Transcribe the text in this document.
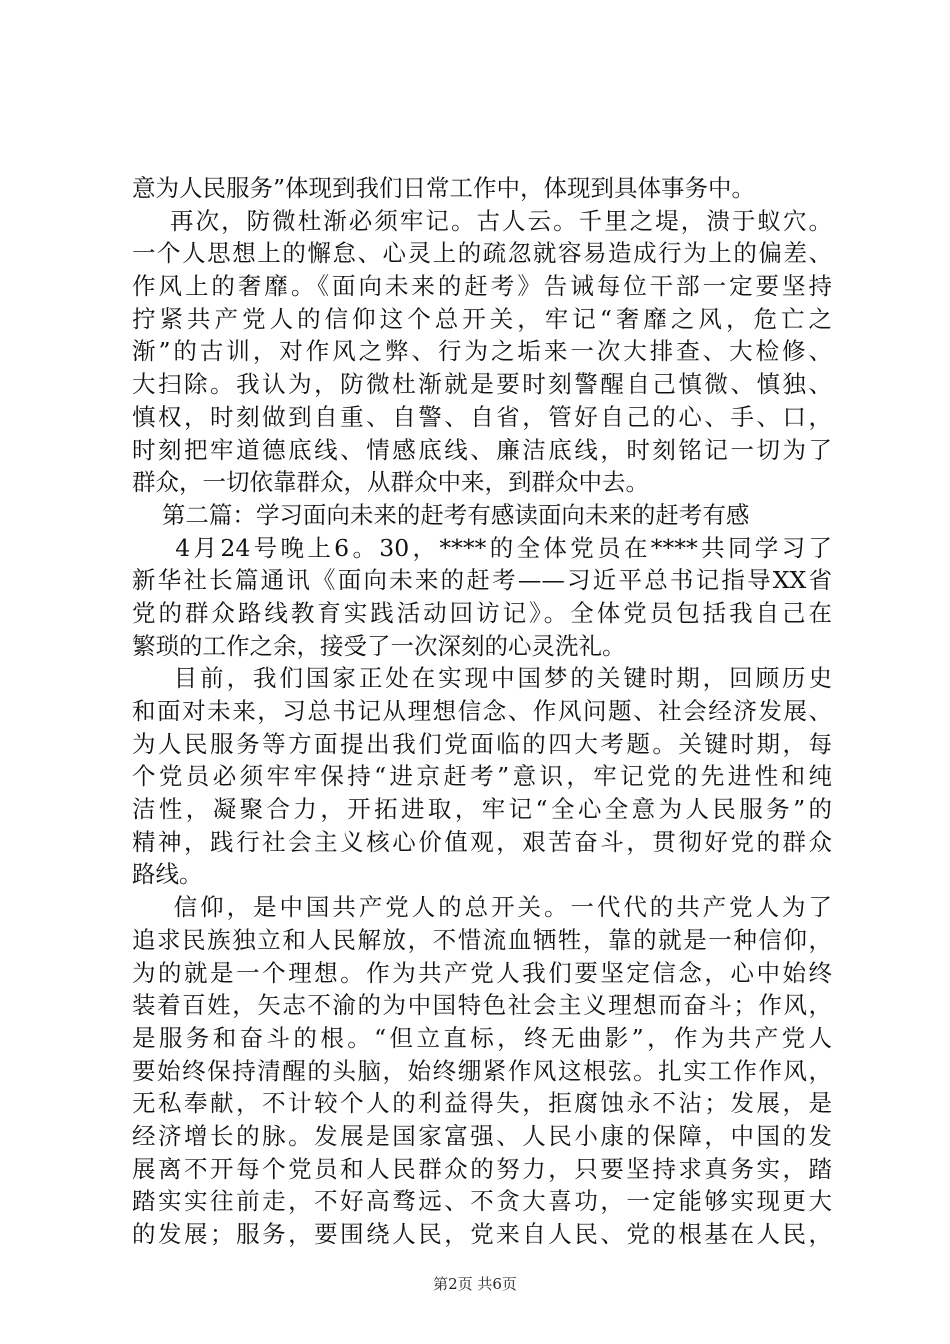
意为人民服务”体现到我们日常工作中，体现到具体事务中。
再次，防微杜渐必须牢记。古人云。千里之堤，溃于蚁穴。
一个人思想上的懈怠、心灵上的疏忽就容易造成行为上的偏差、
作风上的奢靡。《面向未来的赶考》告诫每位干部一定要坚持
拧紧共产党人的信仰这个总开关，牢记“奢靡之风，危亡之
渐”的古训，对作风之弊、行为之垢来一次大排查、大检修、
大扫除。我认为，防微杜渐就是要时刻警醒自己慎微、慎独、
慎权，时刻做到自重、自警、自省，管好自己的心、手、口，
时刻把牢道德底线、情感底线、廉洁底线，时刻铭记一切为了
群众，一切依靠群众，从群众中来，到群众中去。
第二篇：学习面向未来的赶考有感读面向未来的赶考有感
4月24号晚上6。30，****的全体党员在****共同学习了
新华社长篇通讯《面向未来的赶考——习近平总书记指导XX省
党的群众路线教育实践活动回访记》。全体党员包括我自己在
繁琐的工作之余，接受了一次深刻的心灵洗礼。
目前，我们国家正处在实现中国梦的关键时期，回顾历史
和面对未来，习总书记从理想信念、作风问题、社会经济发展、
为人民服务等方面提出我们党面临的四大考题。关键时期，每
个党员必须牢牢保持“进京赶考”意识，牢记党的先进性和纯
洁性，凝聚合力，开拓进取，牢记“全心全意为人民服务”的
精神，践行社会主义核心价值观，艰苦奋斗，贯彻好党的群众
路线。
信仰，是中国共产党人的总开关。一代代的共产党人为了
追求民族独立和人民解放，不惜流血牺牲，靠的就是一种信仰，
为的就是一个理想。作为共产党人我们要坚定信念，心中始终
装着百姓，矢志不渝的为中国特色社会主义理想而奋斗；作风，
是服务和奋斗的根。“但立直标，终无曲影”，作为共产党人
要始终保持清醒的头脑，始终绷紧作风这根弦。扎实工作作风，
无私奉献，不计较个人的利益得失，拒腐蚀永不沾；发展，是
经济增长的脉。发展是国家富强、人民小康的保障，中国的发
展离不开每个党员和人民群众的努力，只要坚持求真务实，踏
踏实实往前走，不好高骛远、不贪大喜功，一定能够实现更大
的发展；服务，要围绕人民，党来自人民、党的根基在人民，
第2页 共6页
